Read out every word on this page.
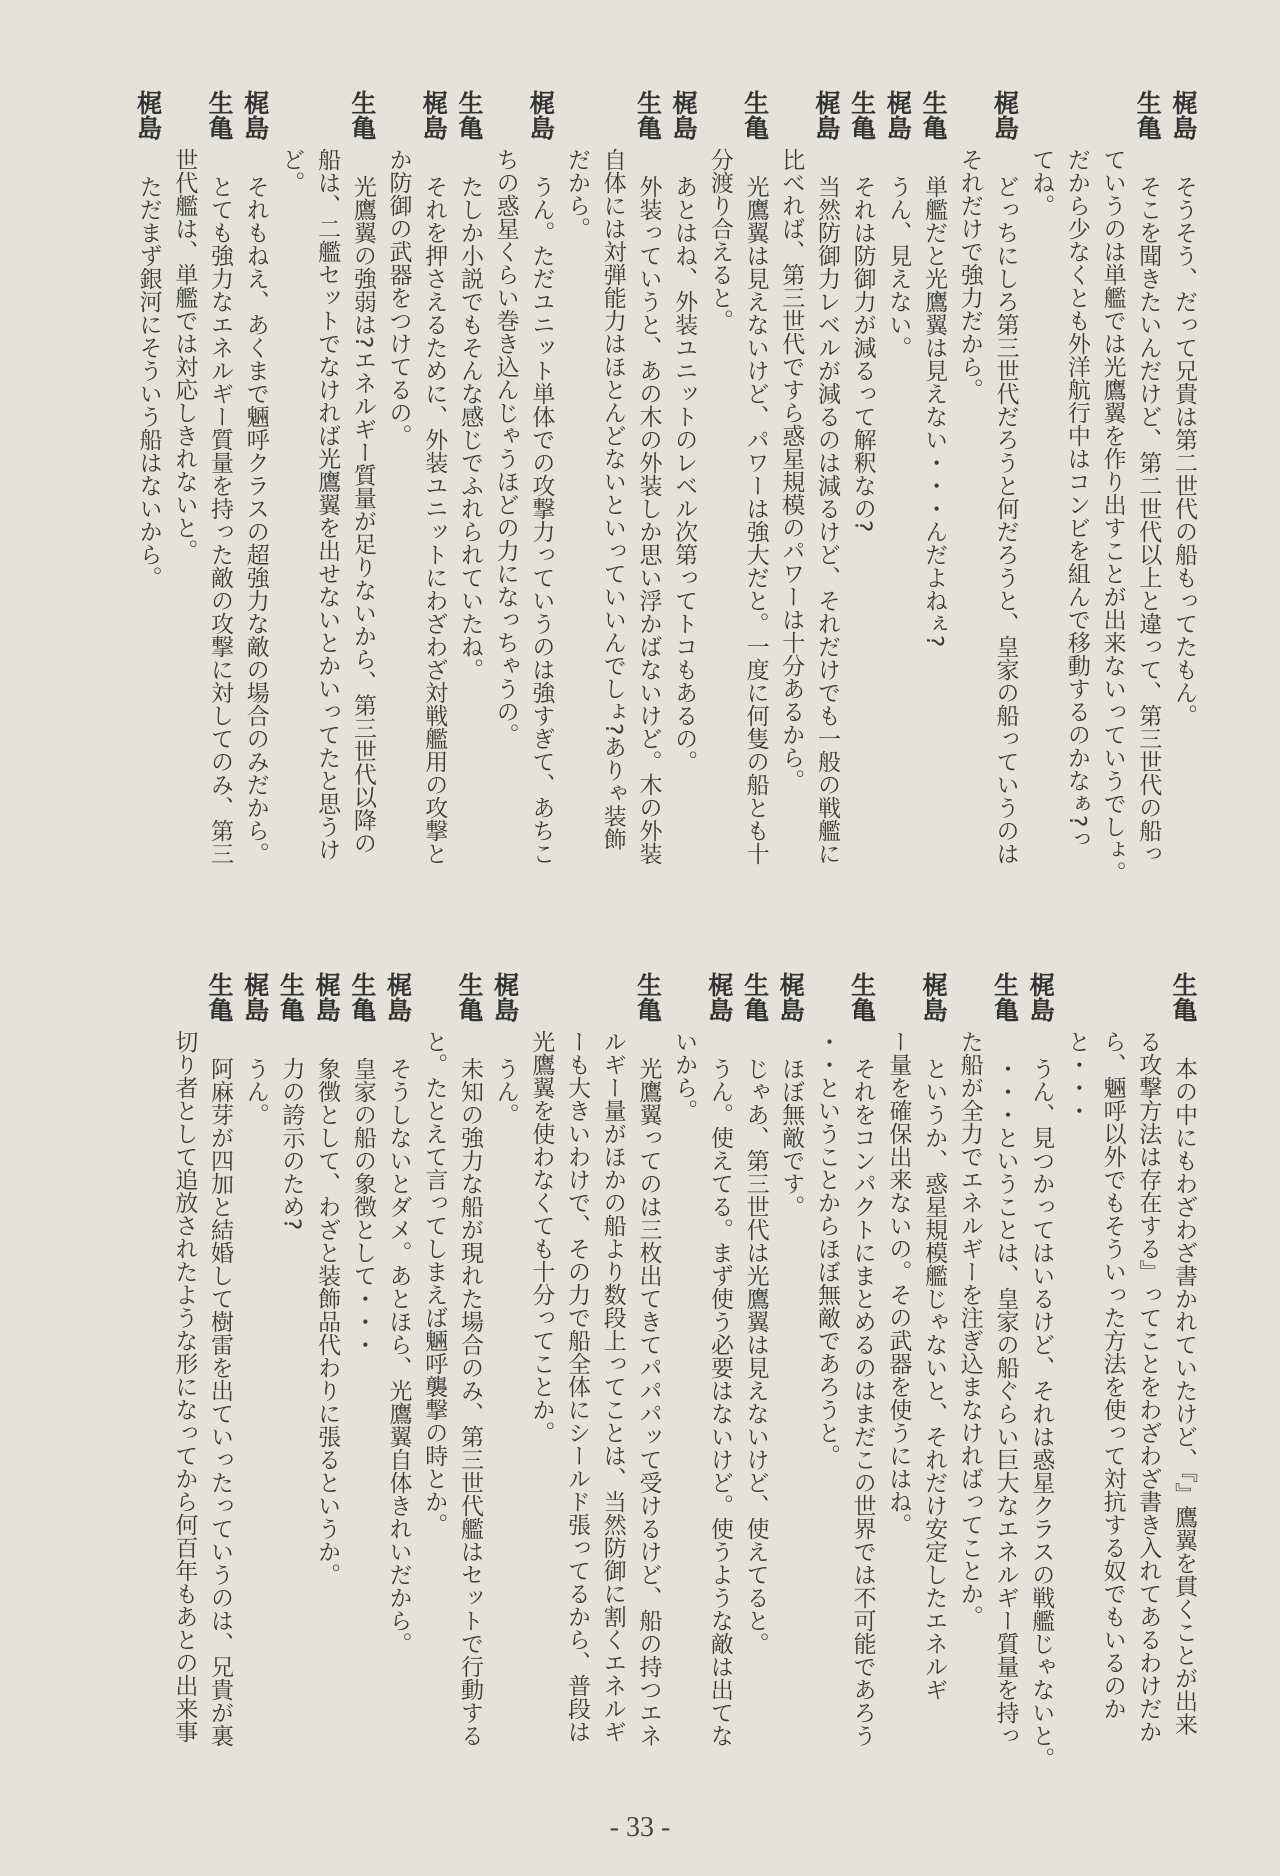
梶島
そうそう、だって兄貴は第二世代の船もってたもん。
生亀
そこを聞きたいんだけど、第二世代以上と違って、第三世代の船っ
ていうのは単艦では光鷹翼を作り出すことが出来ないっていうでしょ。
だから少なくとも外洋航行中はコンビを組んで移動するのかなぁ?っ
てね。
梶島
どっちにしろ第三世代だろうと何だろうと、皇家の船っていうのは
それだけで強力だから。
生亀
単艦だと光鷹翼は見えない・・・んだよねぇ?
梶島
うん、見えない。
生亀
それは防御力が減るって解釈なの?
梶島
当然防御力レベルが減るのは減るけど、それだけでも一般の戦艦に
比べれば、第三世代ですら惑星規模のパワーは十分あるから。
生亀
光鷹翼は見えないけど、パワーは強大だと。一度に何隻の船とも十
分渡り合えると。
梶島
あとはね、外装ユニットのレベル次第ってトコもあるの。
生亀
外装っていうと、あの木の外装しか思い浮かばないけど。木の外装
自体には対弾能力はほとんどないといっていいんでしょ?ありゃ装飾
だから。
梶島
うん。ただユニット単体での攻撃力っていうのは強すぎて、あちこ
ちの惑星くらい巻き込んじゃうほどの力になっちゃうの。
生亀
たしか小説でもそんな感じでふれられていたね。
梶島
それを押さえるために、外装ユニットにわざわざ対戦艦用の攻撃と
か防御の武器をつけてるの。
生亀
光鷹翼の強弱は?エネルギー質量が足りないから、第三世代以降の
船は、二艦セットでなければ光鷹翼を出せないとかいってたと思うけ
ど。
梶島
それもねえ、あくまで魎呼クラスの超強力な敵の場合のみだから。
生亀
とても強力なエネルギー質量を持った敵の攻撃に対してのみ、第三
世代艦は、単艦では対応しきれないと。
梶島
ただまず銀河にそういう船はないから。
生亀
本の中にもわざわざ書かれていたけど、『』鷹翼を貫くことが出来
る攻撃方法は存在する』ってことをわざわざ書き入れてあるわけだか
ら、魎呼以外でもそういった方法を使って対抗する奴でもいるのか
と・・・
梶島
うん、見つかってはいるけど、それは惑星クラスの戦艦じゃないと。
生亀
・・・ということは、皇家の船ぐらい巨大なエネルギー質量を持っ
た船が全力でエネルギーを注ぎ込まなければってことか。
梶島
というか、惑星規模艦じゃないと、それだけ安定したエネルギ
ー量を確保出来ないの。その武器を使うにはね。
生亀
それをコンパクトにまとめるのはまだこの世界では不可能であろう
・・ということからほぼ無敵であろうと。
梶島
ほぼ無敵です。
生亀
じゃあ、第三世代は光鷹翼は見えないけど、使えてると。
梶島
うん。使えてる。まず使う必要はないけど。使うような敵は出てな
いから。
生亀
光鷹翼ってのは三枚出てきてパパパッて受けるけど、船の持つエネ
ルギー量がほかの船より数段上ってことは、当然防御に割くエネルギ
ーも大きいわけで、その力で船全体にシールド張ってるから、普段は
光鷹翼を使わなくても十分ってことか。
梶島
うん。
生亀
未知の強力な船が現れた場合のみ、第三世代艦はセットで行動する
と。たとえて言ってしまえば魎呼襲撃の時とか。
梶島
そうしないとダメ。あとほら、光鷹翼自体きれいだから。
生亀
皇家の船の象徴として・・・
梶島
象徴として、わざと装飾品代わりに張るというか。
生亀
力の誇示のため?
梶島
うん。
生亀
阿麻芽が四加と結婚して樹雷を出ていったっていうのは、兄貴が裏
切り者として追放されたような形になってから何百年もあとの出来事
- 33 -
